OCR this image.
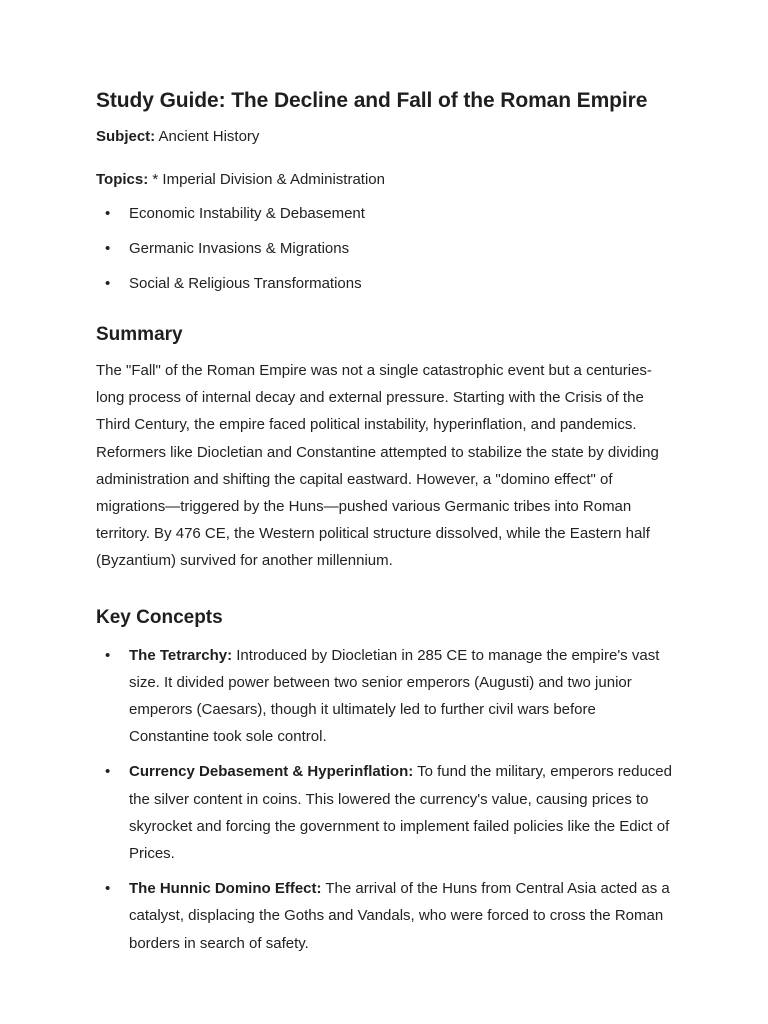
Study Guide: The Decline and Fall of the Roman Empire

Subject: Ancient History

Topics: * Imperial Division & Administration

• Economic Instability & Debasement
• Germanic Invasions & Migrations
• Social & Religious Transformations
Summary

The "Fall" of the Roman Empire was not a single catastrophic event but a centuries-long process of internal decay and external pressure. Starting with the Crisis of the Third Century, the empire faced political instability, hyperinflation, and pandemics. Reformers like Diocletian and Constantine attempted to stabilize the state by dividing administration and shifting the capital eastward. However, a "domino effect" of migrations—triggered by the Huns—pushed various Germanic tribes into Roman territory. By 476 CE, the Western political structure dissolved, while the Eastern half (Byzantium) survived for another millennium.

Key Concepts
• The Tetrarchy: Introduced by Diocletian in 285 CE to manage the empire's vast size. It divided power between two senior emperors (Augusti) and two junior emperors (Caesars), though it ultimately led to further civil wars before Constantine took sole control.
• Currency Debasement & Hyperinflation: To fund the military, emperors reduced the silver content in coins. This lowered the currency's value, causing prices to skyrocket and forcing the government to implement failed policies like the Edict of Prices.
• The Hunnic Domino Effect: The arrival of the Huns from Central Asia acted as a catalyst, displacing the Goths and Vandals, who were forced to cross the Roman borders in search of safety.
